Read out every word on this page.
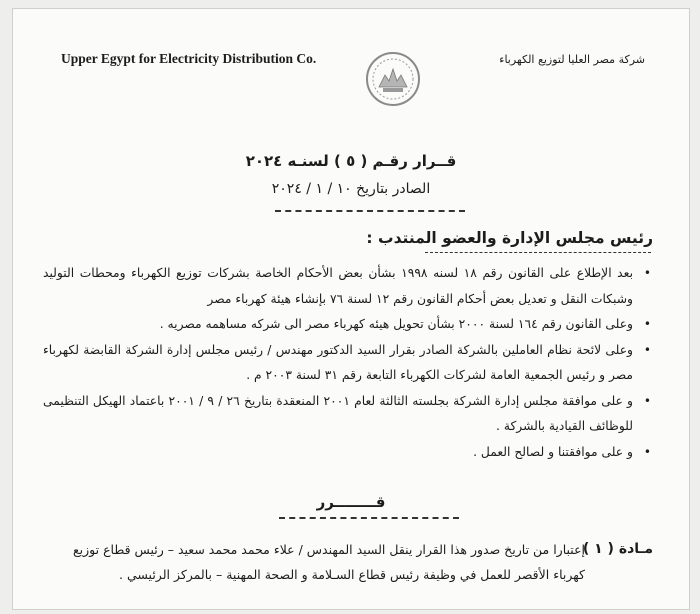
Upper Egypt for Electricity Distribution Co.	شركة مصر العليا لتوزيع الكهرباء
قــرار رقـم ( ٥ ) لسنـه ٢٠٢٤
الصادر بتاريخ ١٠ / ١ / ٢٠٢٤
رئيس مجلس الإدارة والعضو المنتدب :
•
بعد الإطلاع على القانون رقم ١٨ لسنه ١٩٩٨ بشأن بعض الأحكام الخاصة بشركات توزيع الكهرباء ومحطات التوليد وشبكات النقل و تعديل بعض أحكام القانون رقم ١٢ لسنة ٧٦ بإنشاء هيئة كهرباء مصر
•
وعلى القانون رقم ١٦٤ لسنة ٢٠٠٠ بشأن تحويل هيئه كهرباء مصر الى شركه مساهمه مصريه .
•
وعلى لائحة نظام العاملين بالشركة الصادر بقرار السيد الدكتور مهندس / رئيس مجلس إدارة الشركة القابضة لكهرباء مصر و رئيس الجمعية العامة لشركات الكهرباء التابعة رقم ٣١ لسنة ٢٠٠٣ م .
•
و على موافقة مجلس إدارة الشركة بجلسته الثالثة لعام ٢٠٠١ المنعقدة بتاريخ ٢٦ / ٩ / ٢٠٠١ باعتماد الهيكل التنظيمى للوظائف القيادية بالشركة .
•
و على موافقتنا و لصالح العمل .
قــــــــرر
مـادة ( ١ )
إعتبارا من تاريخ صدور هذا القرار ينقل السيد المهندس / علاء محمد محمد سعيد – رئيس قطاع توزيع كهرباء الأقصر للعمل في وظيفة رئيس قطاع السـلامة و الصحة المهنية – بالمركز الرئيسي .
